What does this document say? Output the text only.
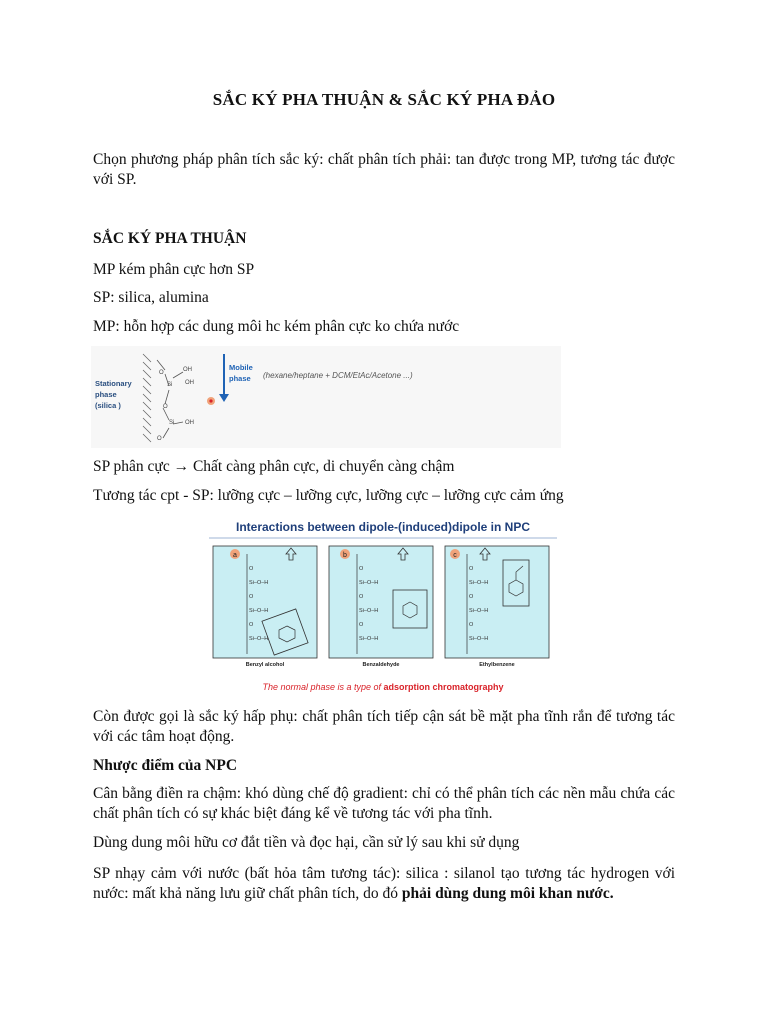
SẮC KÝ PHA THUẬN & SẮC KÝ PHA ĐẢO
Chọn phương pháp phân tích sắc ký: chất phân tích phải: tan được trong MP, tương tác được với SP.
SẮC KÝ PHA THUẬN
MP kém phân cực hơn SP
SP: silica, alumina
MP: hỗn hợp các dung môi hc kém phân cực ko chứa nước
O
Si
OH
OH
O
Si OH
O
Stationary
phase
(silica )
Mobile
phase (hexane/heptane + DCM/EtAc/Acetone ...)
SP phân cực → Chất càng phân cực, di chuyển càng chậm
Tương tác cpt - SP: lưỡng cực – lưỡng cực, lưỡng cực – lưỡng cực cảm ứng
Interactions between dipole-(induced)dipole in NPC
a
O
Si–O–H
O
Si–O–H
O
Si–O–H
Benzyl alcohol
b
O
Si–O–H
O
Si–O–H
O
Si–O–H
Benzaldehyde
c
O
Si–O–H
O
Si–O–H
O
Si–O–H
Ethylbenzene
The normal phase is a type of adsorption chromatography
Còn được gọi là sắc ký hấp phụ: chất phân tích tiếp cận sát bề mặt pha tĩnh rắn để tương tác với các tâm hoạt động.
Nhược điểm của NPC
Cân bằng điền ra chậm: khó dùng chế độ gradient: chỉ có thể phân tích các nền mẫu chứa các chất phân tích có sự khác biệt đáng kể về tương tác với pha tĩnh.
Dùng dung môi hữu cơ đắt tiền và đọc hại, cần sử lý sau khi sử dụng
SP nhạy cảm với nước (bất hỏa tâm tương tác): silica : silanol tạo tương tác hydrogen với nước: mất khả năng lưu giữ chất phân tích, do đó phải dùng dung môi khan nước.
